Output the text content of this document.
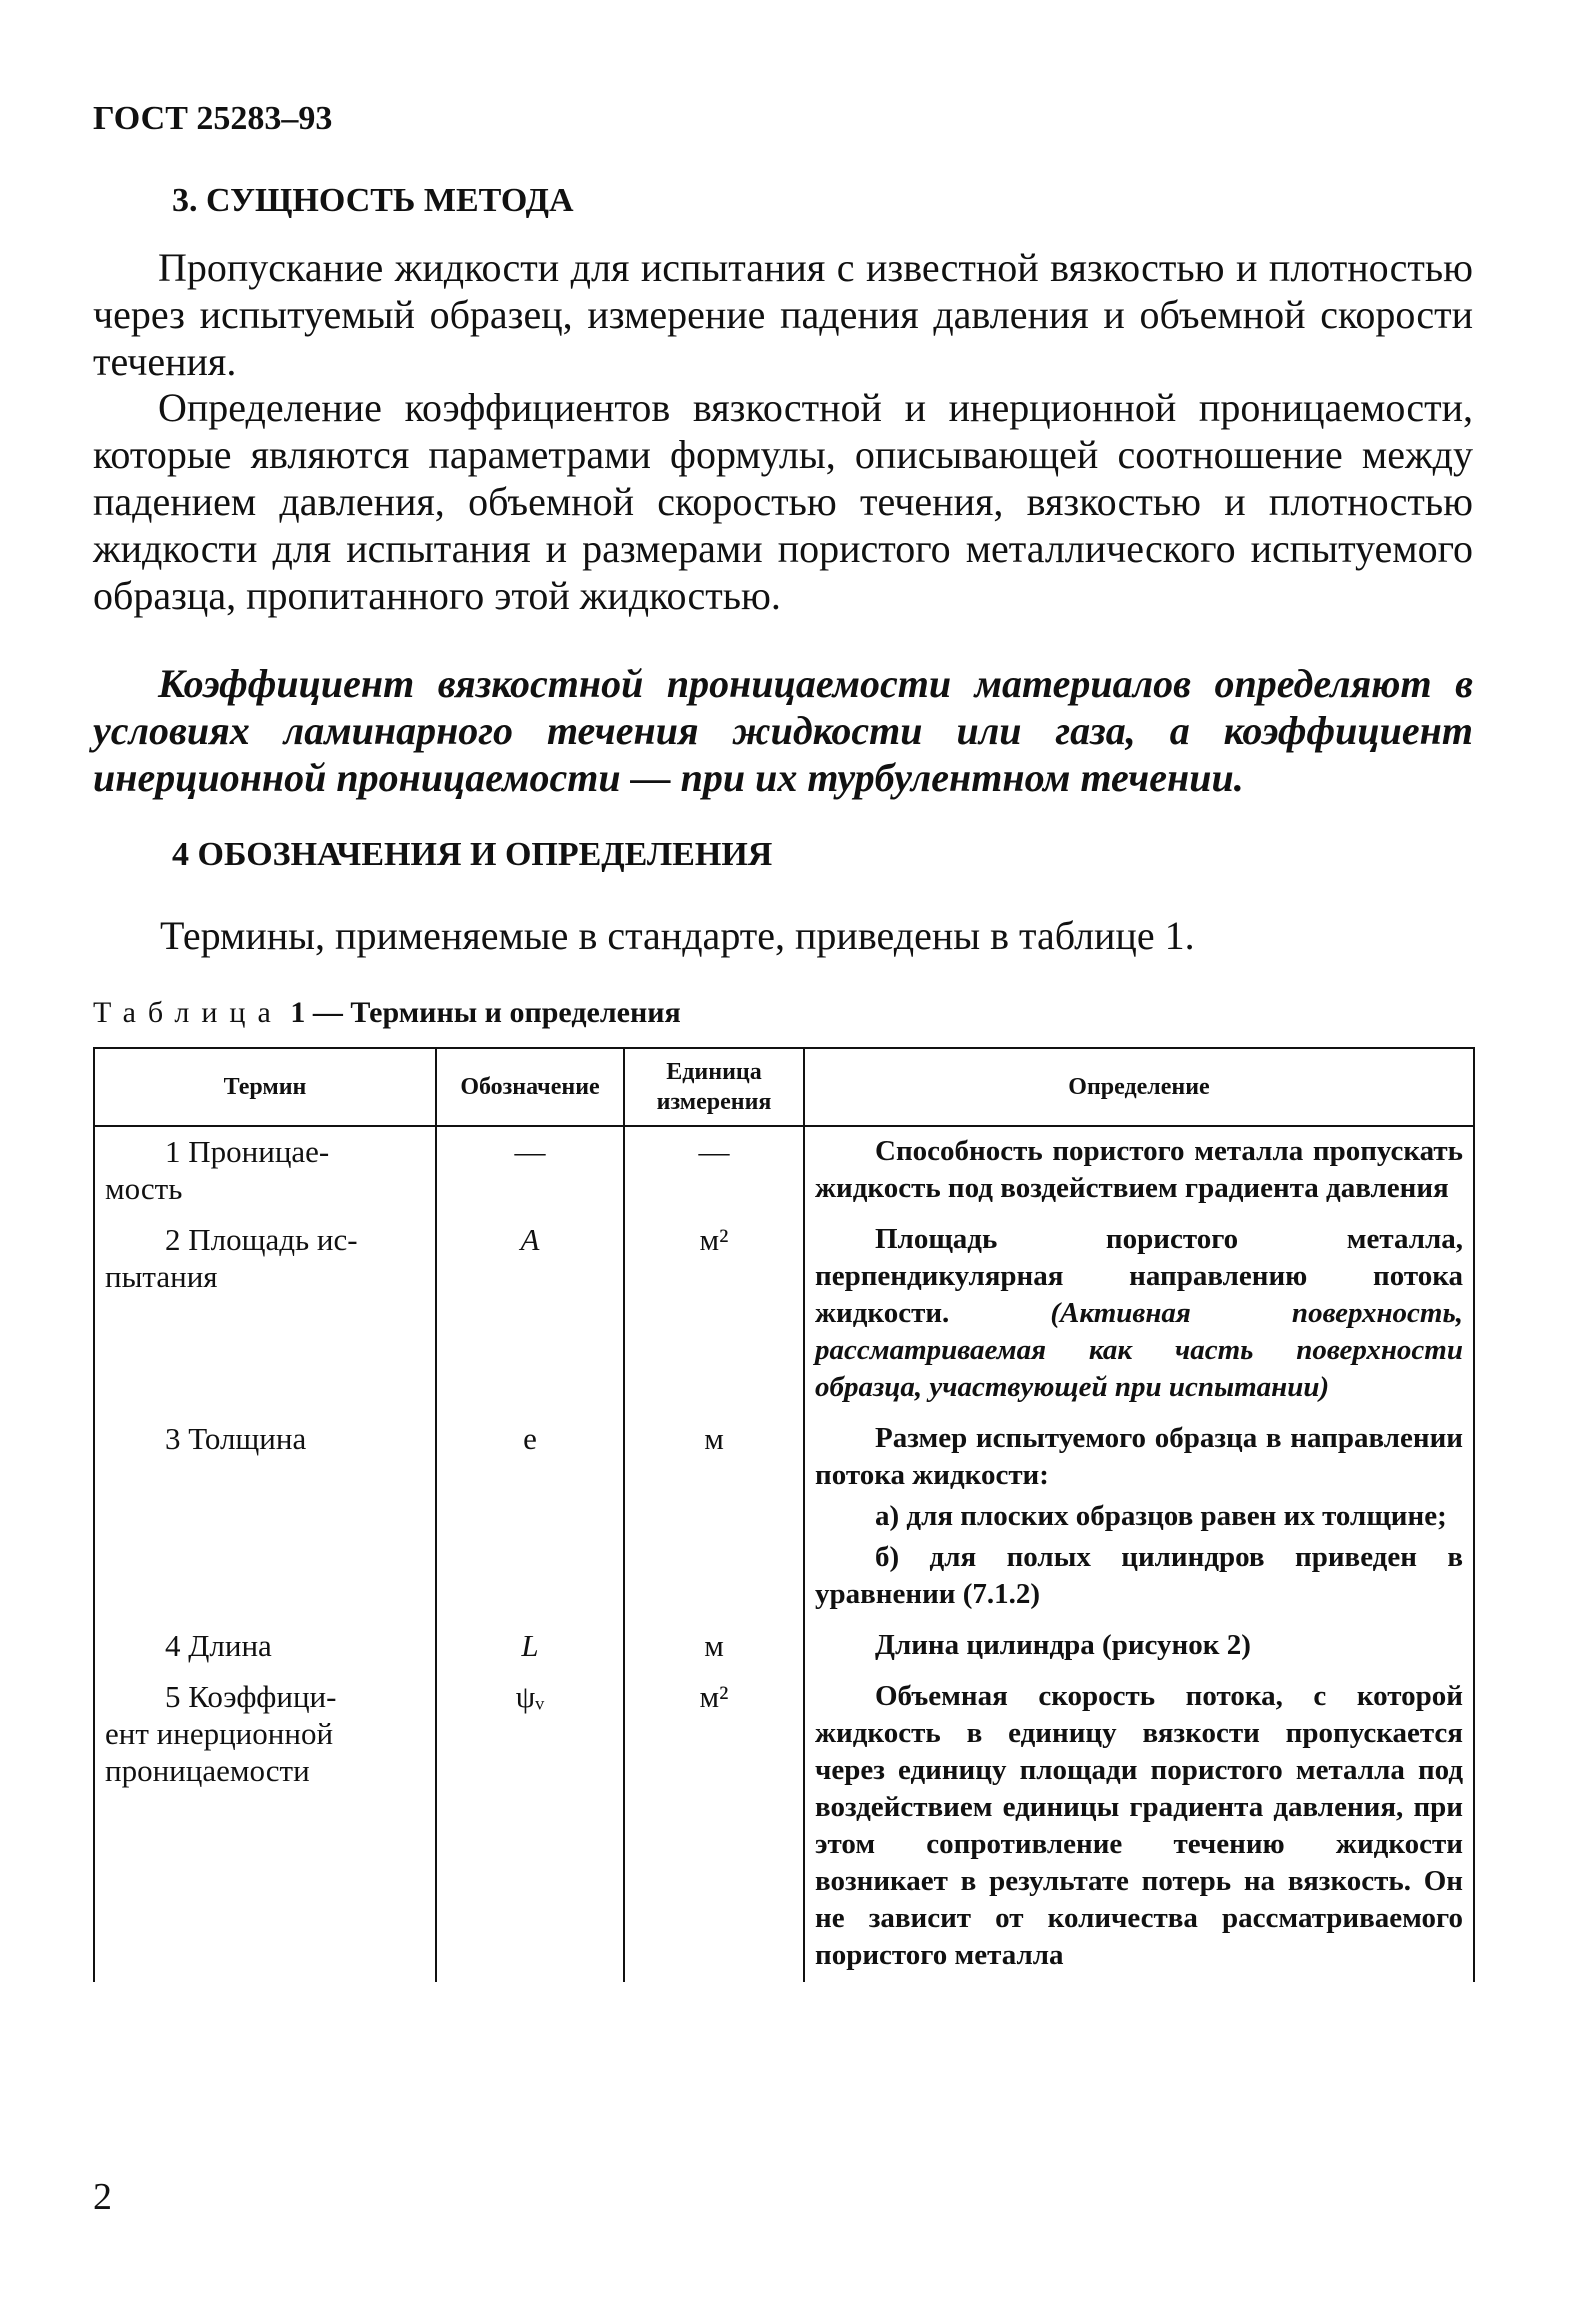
ГОСТ 25283–93
3. СУЩНОСТЬ МЕТОДА
Пропускание жидкости для испытания с известной вязкостью и плотностью через испытуемый образец, измерение падения давления и объемной скорости течения.
Определение коэффициентов вязкостной и инерционной проницаемости, которые являются параметрами формулы, описывающей соотношение между падением давления, объемной скоростью течения, вязкостью и плотностью жидкости для испытания и размерами пористого металлического испытуемого образца, пропитанного этой жидкостью.
Коэффициент вязкостной проницаемости материалов определяют в условиях ламинарного течения жидкости или газа, а коэффициент инерционной проницаемости — при их турбулентном течении.
4 ОБОЗНАЧЕНИЯ И ОПРЕДЕЛЕНИЯ
Термины, применяемые в стандарте, приведены в таблице 1.
Таблица 1 — Термины и определения
Термин	Обозначение	Единица измерения	Определение

1 Проницае-
мость	—	—	Способность пористого металла пропускать жидкость под воздействием градиента давления

2 Площадь ис-
пытания	A	м²	Площадь пористого металла, перпендикулярная направлению потока жидкости. (Активная поверхность, рассматриваемая как часть поверхности образца, участвующей при испытании)

3 Толщина	e	м	Размер испытуемого образца в направлении потока жидкости:

а) для плоских образцов равен их толщине;

б) для полых цилиндров приведен в уравнении (7.1.2)

4 Длина	L	м	Длина цилиндра (рисунок 2)

5 Коэффици-
ент инерционной проницаемости	ψᵥ	м²	Объемная скорость потока, с которой жидкость в единицу вязкости пропускается через единицу площади пористого металла под воздействием единицы градиента давления, при этом сопротивление течению жидкости возникает в результате потерь на вязкость. Он не зависит от количества рассматриваемого пористого металла

2
